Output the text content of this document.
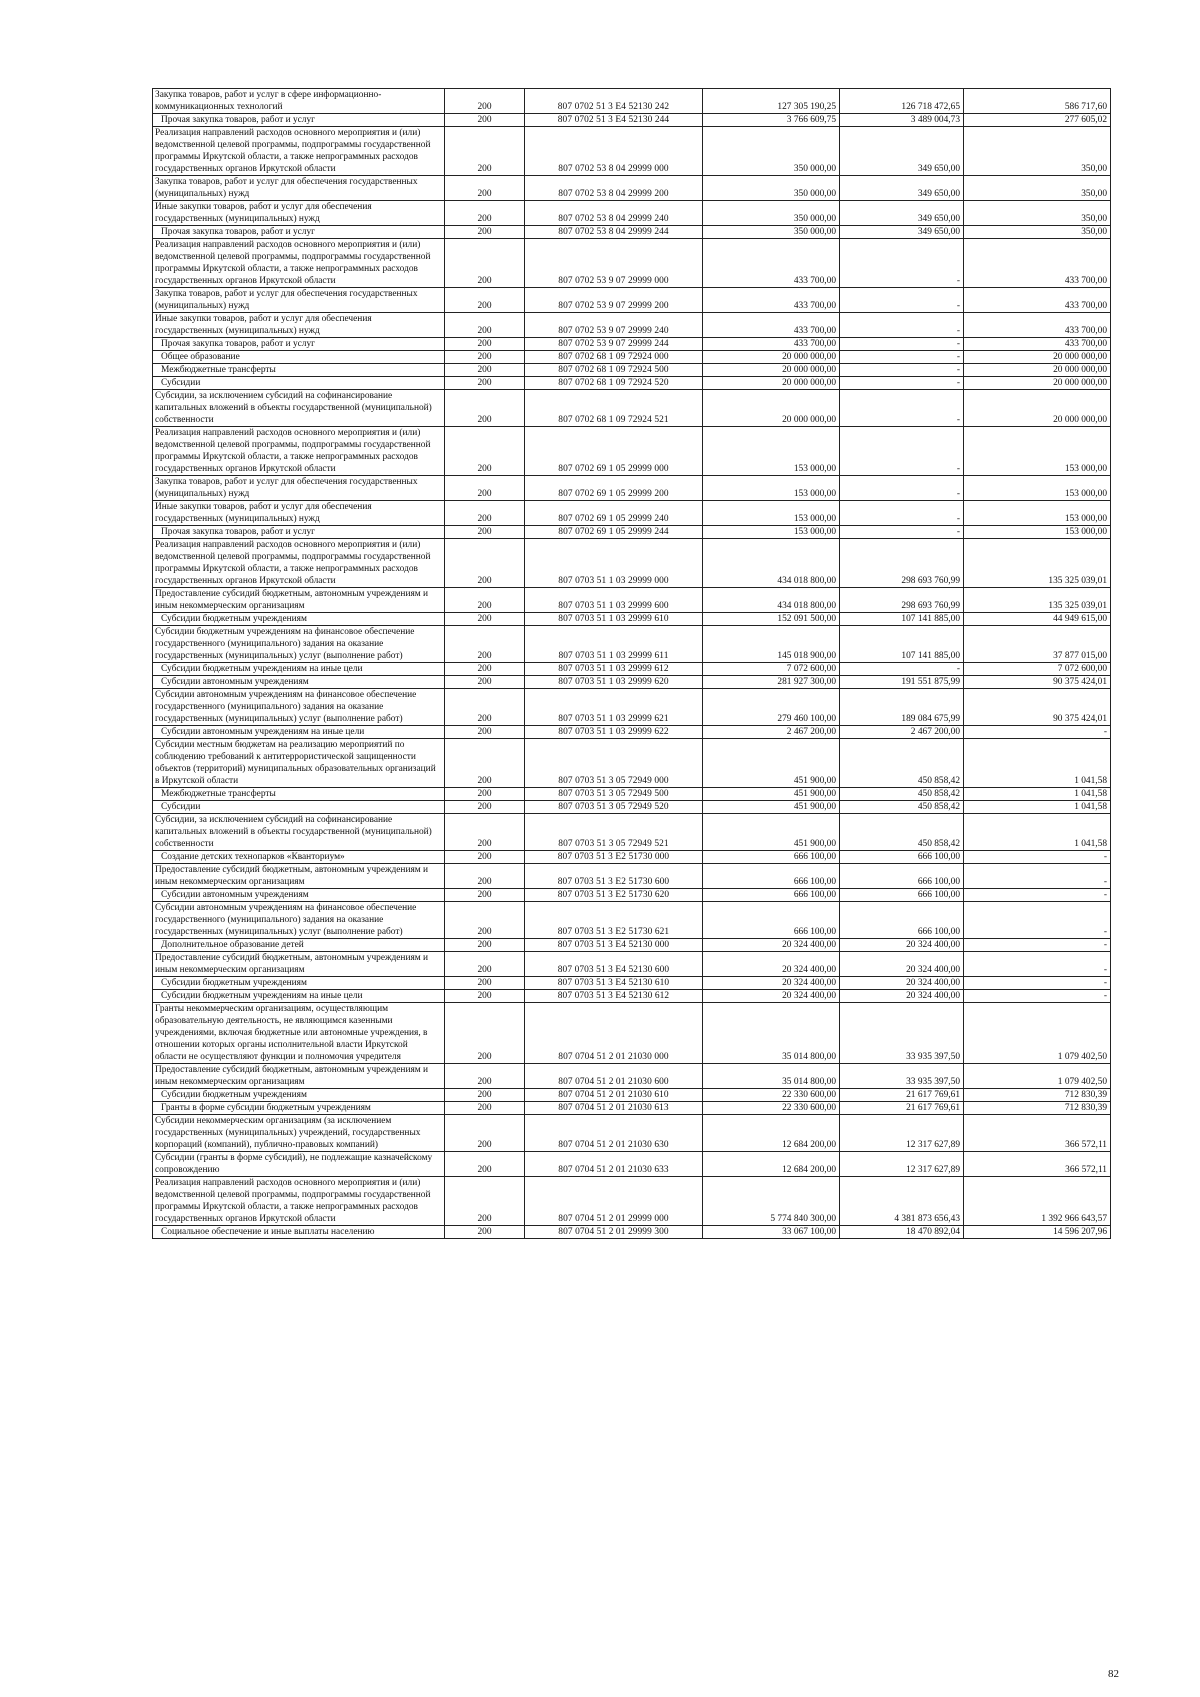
Закупка товаров, работ и услуг в сфере информационно-коммуникационных технологий	200	807 0702 51 3 E4 52130 242	127 305 190,25	126 718 472,65	586 717,60
Прочая закупка товаров, работ и услуг	200	807 0702 51 3 E4 52130 244	3 766 609,75	3 489 004,73	277 605,02
Реализация направлений расходов основного мероприятия и (или) ведомственной целевой программы, подпрограммы государственной программы Иркутской области, а также непрограммных расходов государственных органов Иркутской области	200	807 0702 53 8 04 29999 000	350 000,00	349 650,00	350,00
Закупка товаров, работ и услуг для обеспечения государственных (муниципальных) нужд	200	807 0702 53 8 04 29999 200	350 000,00	349 650,00	350,00
Иные закупки товаров, работ и услуг для обеспечения государственных (муниципальных) нужд	200	807 0702 53 8 04 29999 240	350 000,00	349 650,00	350,00
Прочая закупка товаров, работ и услуг	200	807 0702 53 8 04 29999 244	350 000,00	349 650,00	350,00
Реализация направлений расходов основного мероприятия и (или) ведомственной целевой программы, подпрограммы государственной программы Иркутской области, а также непрограммных расходов государственных органов Иркутской области	200	807 0702 53 9 07 29999 000	433 700,00	-	433 700,00
Закупка товаров, работ и услуг для обеспечения государственных (муниципальных) нужд	200	807 0702 53 9 07 29999 200	433 700,00	-	433 700,00
Иные закупки товаров, работ и услуг для обеспечения государственных (муниципальных) нужд	200	807 0702 53 9 07 29999 240	433 700,00	-	433 700,00
Прочая закупка товаров, работ и услуг	200	807 0702 53 9 07 29999 244	433 700,00	-	433 700,00
Общее образование	200	807 0702 68 1 09 72924 000	20 000 000,00	-	20 000 000,00
Межбюджетные трансферты	200	807 0702 68 1 09 72924 500	20 000 000,00	-	20 000 000,00
Субсидии	200	807 0702 68 1 09 72924 520	20 000 000,00	-	20 000 000,00
Субсидии, за исключением субсидий на софинансирование капитальных вложений в объекты государственной (муниципальной) собственности	200	807 0702 68 1 09 72924 521	20 000 000,00	-	20 000 000,00
Реализация направлений расходов основного мероприятия и (или) ведомственной целевой программы, подпрограммы государственной программы Иркутской области, а также непрограммных расходов государственных органов Иркутской области	200	807 0702 69 1 05 29999 000	153 000,00	-	153 000,00
Закупка товаров, работ и услуг для обеспечения государственных (муниципальных) нужд	200	807 0702 69 1 05 29999 200	153 000,00	-	153 000,00
Иные закупки товаров, работ и услуг для обеспечения государственных (муниципальных) нужд	200	807 0702 69 1 05 29999 240	153 000,00	-	153 000,00
Прочая закупка товаров, работ и услуг	200	807 0702 69 1 05 29999 244	153 000,00	-	153 000,00
Реализация направлений расходов основного мероприятия и (или) ведомственной целевой программы, подпрограммы государственной программы Иркутской области, а также непрограммных расходов государственных органов Иркутской области	200	807 0703 51 1 03 29999 000	434 018 800,00	298 693 760,99	135 325 039,01
Предоставление субсидий бюджетным, автономным учреждениям и иным некоммерческим организациям	200	807 0703 51 1 03 29999 600	434 018 800,00	298 693 760,99	135 325 039,01
Субсидии бюджетным учреждениям	200	807 0703 51 1 03 29999 610	152 091 500,00	107 141 885,00	44 949 615,00
Субсидии бюджетным учреждениям на финансовое обеспечение государственного (муниципального) задания на оказание государственных (муниципальных) услуг (выполнение работ)	200	807 0703 51 1 03 29999 611	145 018 900,00	107 141 885,00	37 877 015,00
Субсидии бюджетным учреждениям на иные цели	200	807 0703 51 1 03 29999 612	7 072 600,00	-	7 072 600,00
Субсидии автономным учреждениям	200	807 0703 51 1 03 29999 620	281 927 300,00	191 551 875,99	90 375 424,01
Субсидии автономным учреждениям на финансовое обеспечение государственного (муниципального) задания на оказание государственных (муниципальных) услуг (выполнение работ)	200	807 0703 51 1 03 29999 621	279 460 100,00	189 084 675,99	90 375 424,01
Субсидии автономным учреждениям на иные цели	200	807 0703 51 1 03 29999 622	2 467 200,00	2 467 200,00	-
Субсидии местным бюджетам на реализацию мероприятий по соблюдению требований к антитеррористической защищенности объектов (территорий) муниципальных образовательных организаций в Иркутской области	200	807 0703 51 3 05 72949 000	451 900,00	450 858,42	1 041,58
Межбюджетные трансферты	200	807 0703 51 3 05 72949 500	451 900,00	450 858,42	1 041,58
Субсидии	200	807 0703 51 3 05 72949 520	451 900,00	450 858,42	1 041,58
Субсидии, за исключением субсидий на софинансирование капитальных вложений в объекты государственной (муниципальной) собственности	200	807 0703 51 3 05 72949 521	451 900,00	450 858,42	1 041,58
Создание детских технопарков «Кванториум»	200	807 0703 51 3 E2 51730 000	666 100,00	666 100,00	-
Предоставление субсидий бюджетным, автономным учреждениям и иным некоммерческим организациям	200	807 0703 51 3 E2 51730 600	666 100,00	666 100,00	-
Субсидии автономным учреждениям	200	807 0703 51 3 E2 51730 620	666 100,00	666 100,00	-
Субсидии автономным учреждениям на финансовое обеспечение государственного (муниципального) задания на оказание государственных (муниципальных) услуг (выполнение работ)	200	807 0703 51 3 E2 51730 621	666 100,00	666 100,00	-
Дополнительное образование детей	200	807 0703 51 3 E4 52130 000	20 324 400,00	20 324 400,00	-
Предоставление субсидий бюджетным, автономным учреждениям и иным некоммерческим организациям	200	807 0703 51 3 E4 52130 600	20 324 400,00	20 324 400,00	-
Субсидии бюджетным учреждениям	200	807 0703 51 3 E4 52130 610	20 324 400,00	20 324 400,00	-
Субсидии бюджетным учреждениям на иные цели	200	807 0703 51 3 E4 52130 612	20 324 400,00	20 324 400,00	-
Гранты некоммерческим организациям, осуществляющим образовательную деятельность, не являющимся казенными учреждениями, включая бюджетные или автономные учреждения, в отношении которых органы исполнительной власти Иркутской области не осуществляют функции и полномочия учредителя	200	807 0704 51 2 01 21030 000	35 014 800,00	33 935 397,50	1 079 402,50
Предоставление субсидий бюджетным, автономным учреждениям и иным некоммерческим организациям	200	807 0704 51 2 01 21030 600	35 014 800,00	33 935 397,50	1 079 402,50
Субсидии бюджетным учреждениям	200	807 0704 51 2 01 21030 610	22 330 600,00	21 617 769,61	712 830,39
Гранты в форме субсидии бюджетным учреждениям	200	807 0704 51 2 01 21030 613	22 330 600,00	21 617 769,61	712 830,39
Субсидии некоммерческим организациям (за исключением государственных (муниципальных) учреждений, государственных корпораций (компаний), публично-правовых компаний)	200	807 0704 51 2 01 21030 630	12 684 200,00	12 317 627,89	366 572,11
Субсидии (гранты в форме субсидий), не подлежащие казначейскому сопровождению	200	807 0704 51 2 01 21030 633	12 684 200,00	12 317 627,89	366 572,11
Реализация направлений расходов основного мероприятия и (или) ведомственной целевой программы, подпрограммы государственной программы Иркутской области, а также непрограммных расходов государственных органов Иркутской области	200	807 0704 51 2 01 29999 000	5 774 840 300,00	4 381 873 656,43	1 392 966 643,57
Социальное обеспечение и иные выплаты населению	200	807 0704 51 2 01 29999 300	33 067 100,00	18 470 892,04	14 596 207,96
82
